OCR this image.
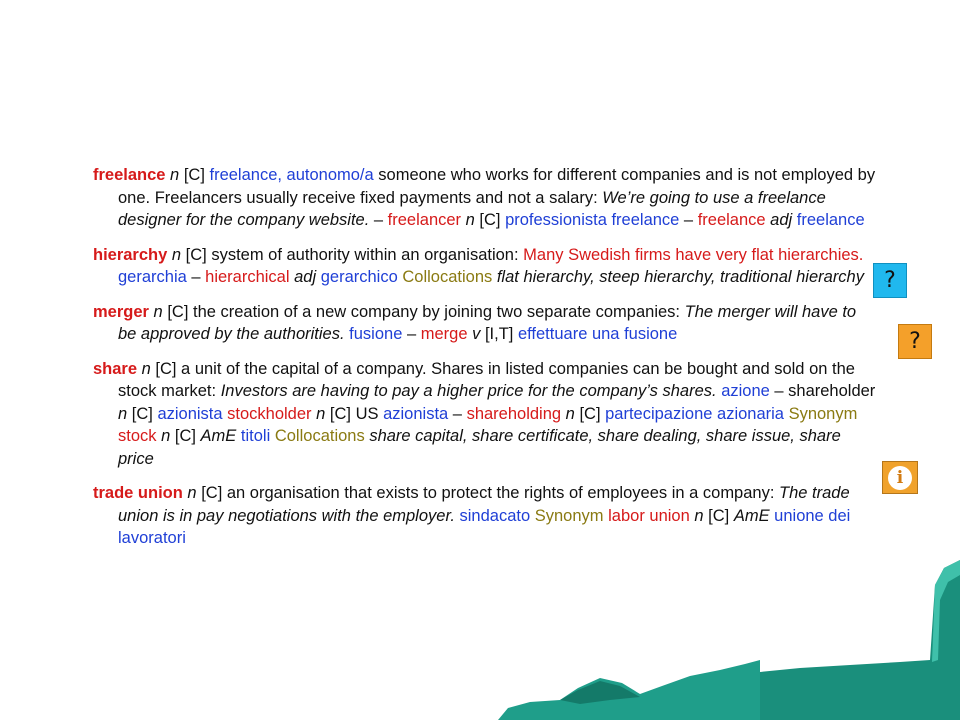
freelance n [C] freelance, autonomo/a someone who works for different companies and is not employed by one. Freelancers usually receive fixed payments and not a salary: We’re going to use a freelance designer for the company website. – freelancer n [C] professionista freelance – freelance adj freelance

hierarchy n [C] system of authority within an organisation: Many Swedish firms have very flat hierarchies. gerarchia – hierarchical adj gerarchico Collocations flat hierarchy, steep hierarchy, traditional hierarchy

merger n [C] the creation of a new company by joining two separate companies: The merger will have to be approved by the authorities. fusione – merge v [I,T] effettuare una fusione

share n [C] a unit of the capital of a company. Shares in listed companies can be bought and sold on the stock market: Investors are having to pay a higher price for the company’s shares. azione – shareholder n [C] azionista stockholder n [C] US azionista – shareholding n [C] partecipazione azionaria Synonym stock n [C] AmE titoli Collocations share capital, share certificate, share dealing, share issue, share price

trade union n [C] an organisation that exists to protect the rights of employees in a company: The trade union is in pay negotiations with the employer. sindacato Synonym labor union n [C] AmE unione dei lavoratori

?
?
i
